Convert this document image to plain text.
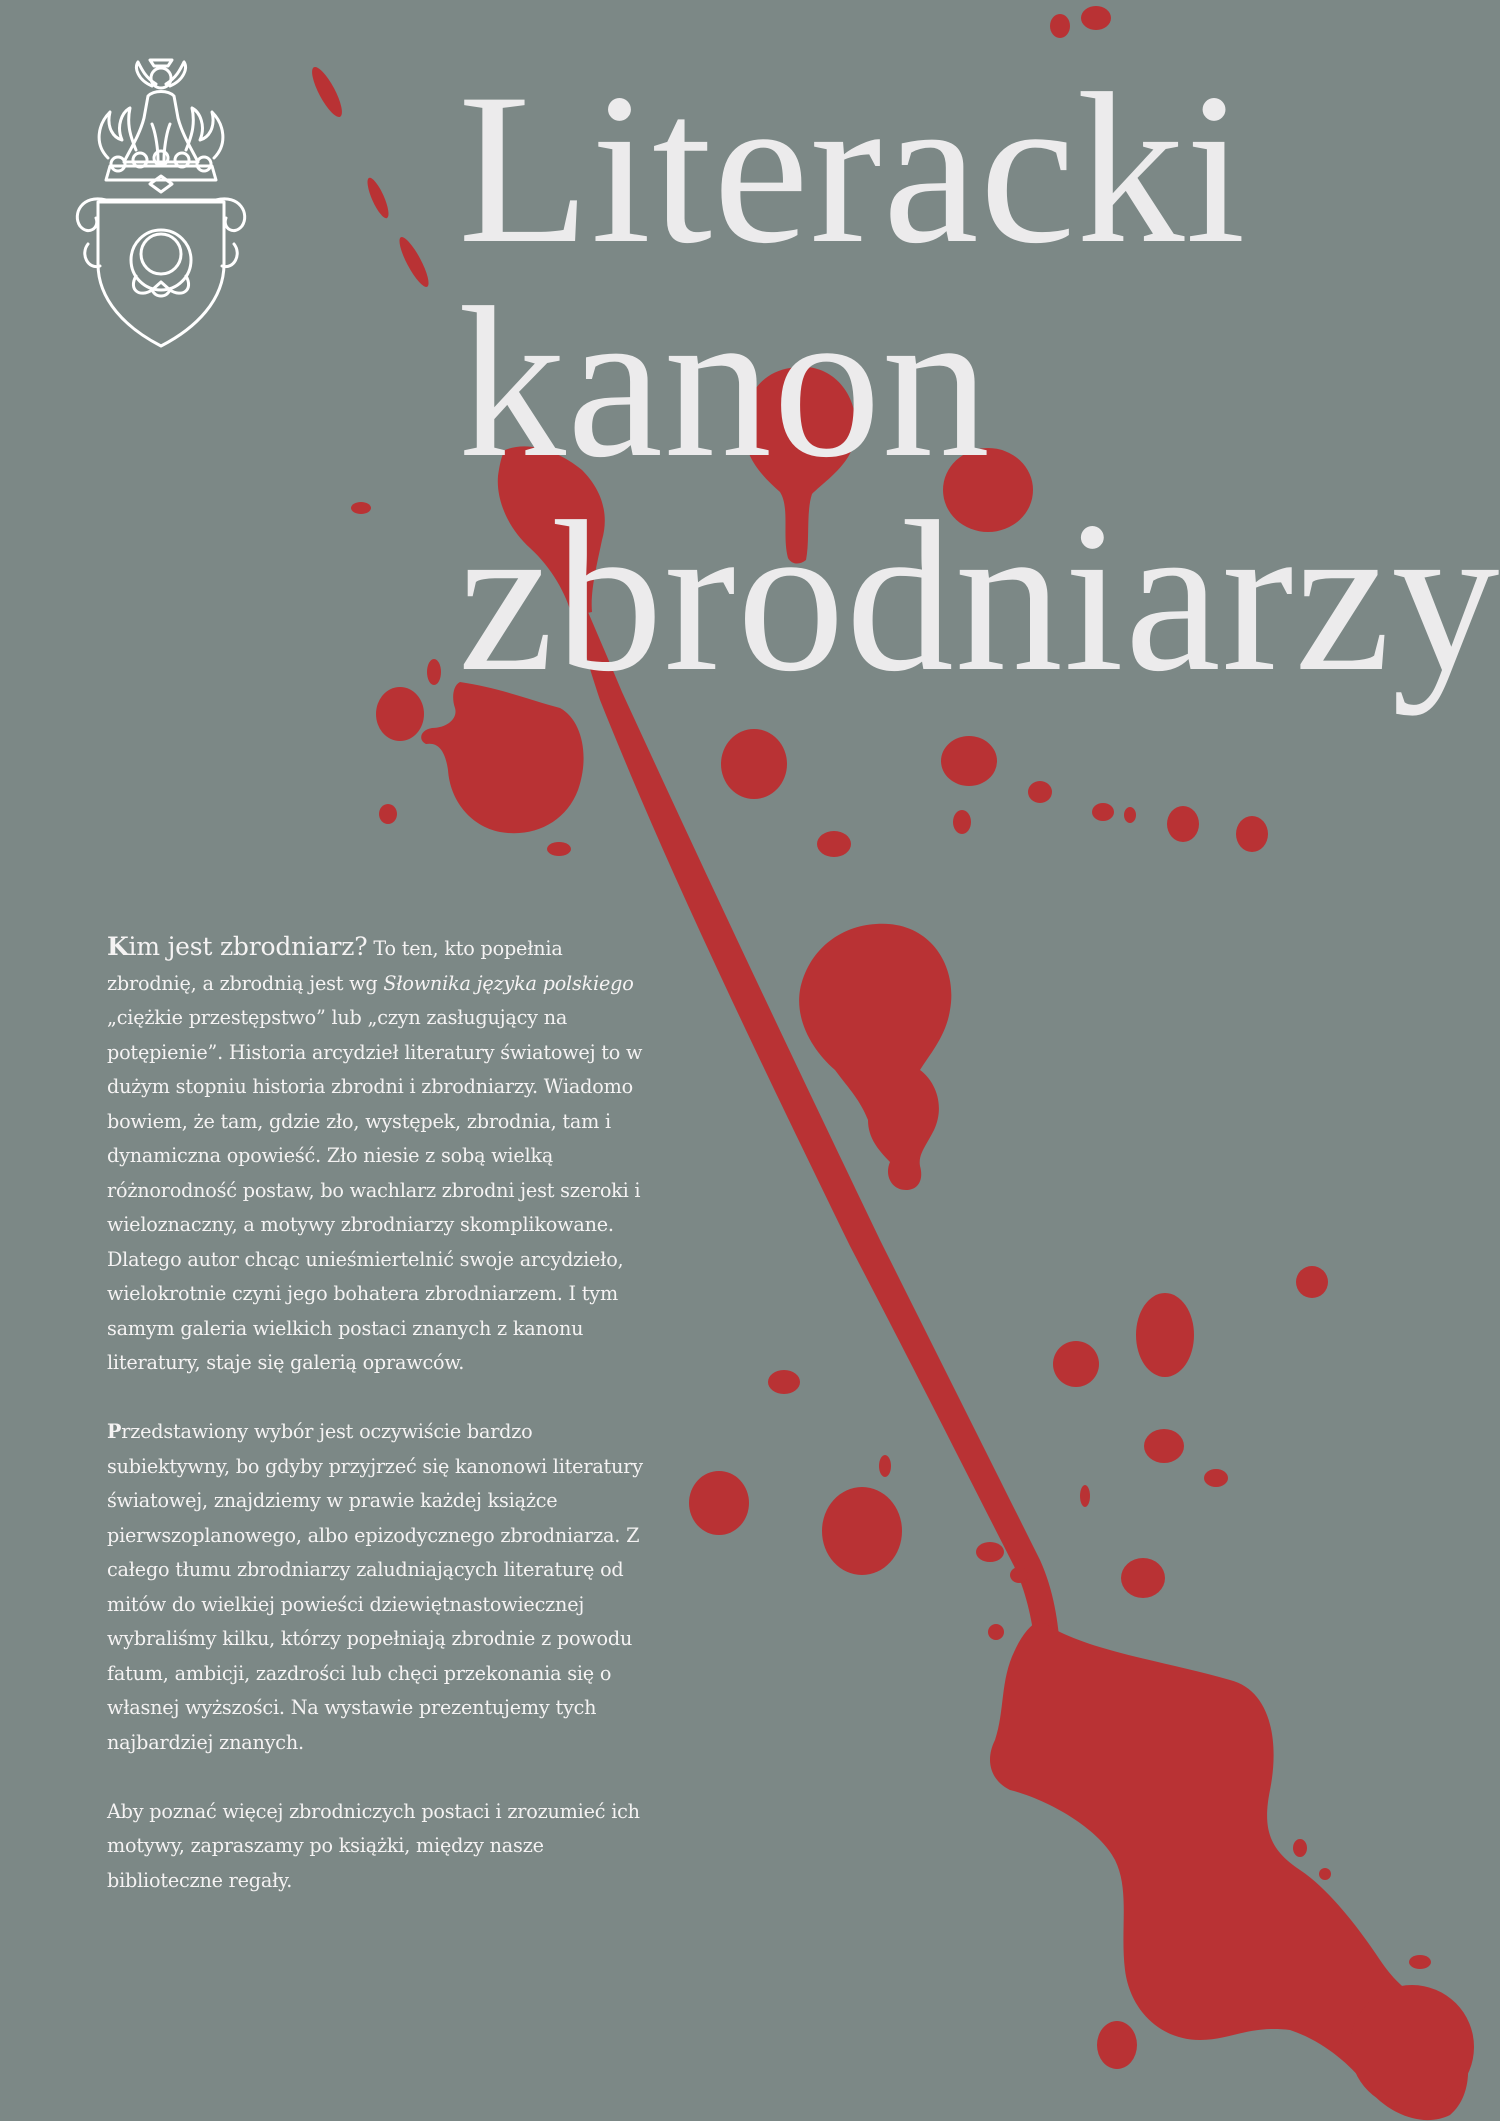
Literacki
kanon
zbrodniarzy

Kim jest zbrodniarz? To ten, kto popełnia zbrodnię, a zbrodnią jest wg Słownika języka polskiego „ciężkie przestępstwo” lub „czyn zasługujący na potępienie”. Historia arcydzieł literatury światowej to w dużym stopniu historia zbrodni i zbrodniarzy. Wiadomo bowiem, że tam, gdzie zło, występek, zbrodnia, tam i dynamiczna opowieść. Zło niesie z sobą wielką różnorodność postaw, bo wachlarz zbrodni jest szeroki i wieloznaczny, a motywy zbrodniarzy skomplikowane. Dlatego autor chcąc unieśmiertelnić swoje arcydzieło, wielokrotnie czyni jego bohatera zbrodniarzem. I tym samym galeria wielkich postaci znanych z kanonu literatury, staje się galerią oprawców.

Przedstawiony wybór jest oczywiście bardzo subiektywny, bo gdyby przyjrzeć się kanonowi literatury światowej, znajdziemy w prawie każdej książce pierwszoplanowego, albo epizodycznego zbrodniarza. Z całego tłumu zbrodniarzy zaludniających literaturę od mitów do wielkiej powieści dziewiętnastowiecznej wybraliśmy kilku, którzy popełniają zbrodnie z powodu fatum, ambicji, zazdrości lub chęci przekonania się o własnej wyższości. Na wystawie prezentujemy tych najbardziej znanych.

Aby poznać więcej zbrodniczych postaci i zrozumieć ich motywy, zapraszamy po książki, między nasze biblioteczne regały.
